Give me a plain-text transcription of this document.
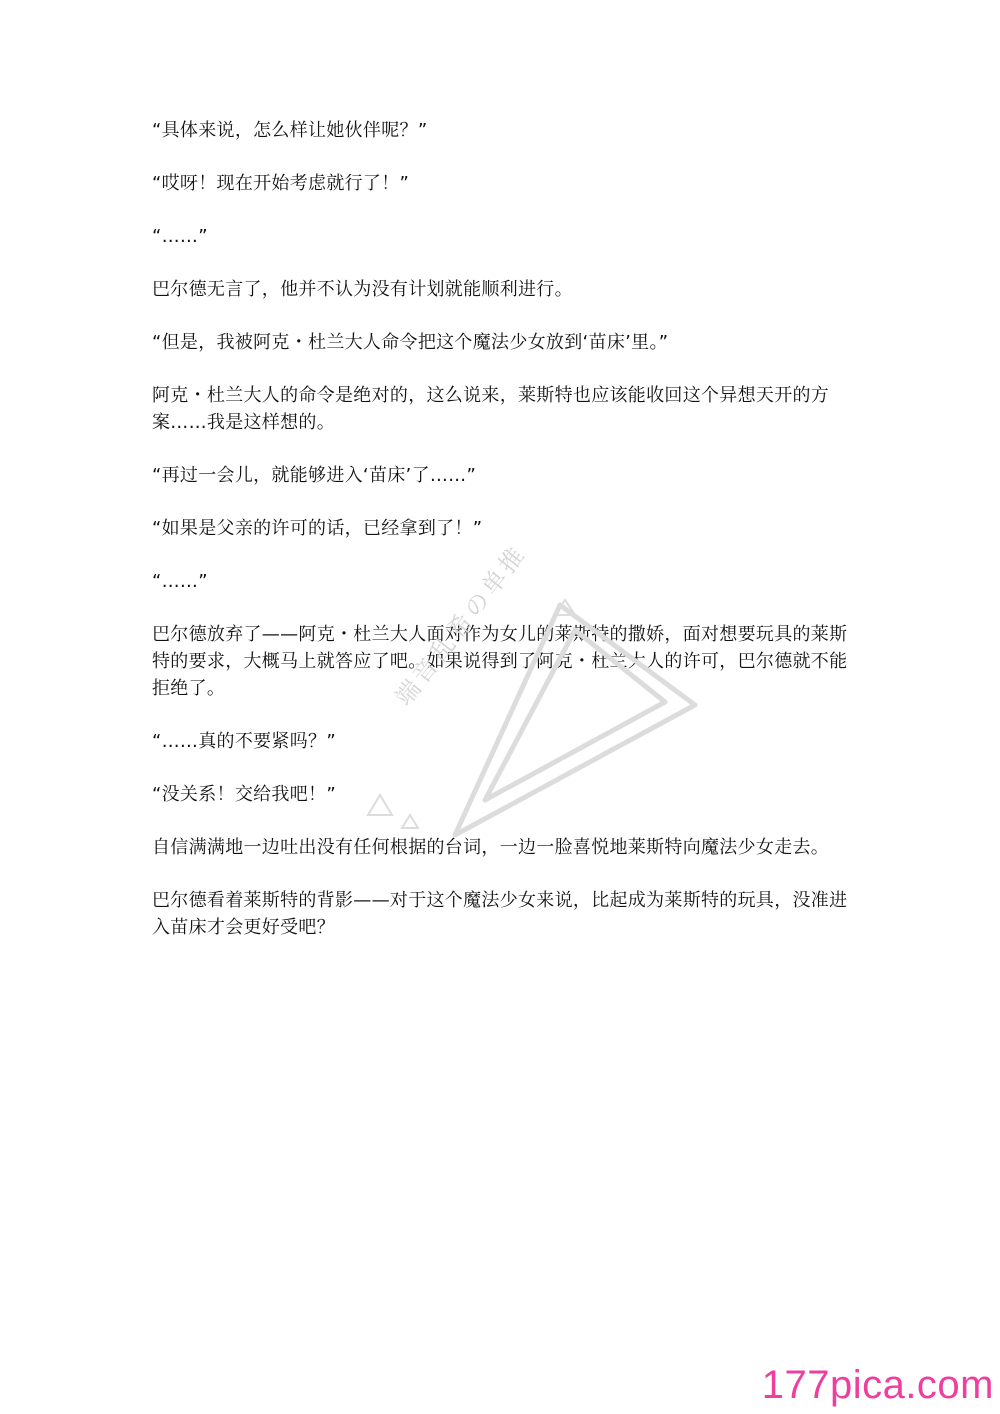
“具体来说，怎么样让她伙伴呢？”

“哎呀！现在开始考虑就行了！”

“……”

巴尔德无言了，他并不认为没有计划就能顺利进行。

“但是，我被阿克・杜兰大人命令把这个魔法少女放到‘苗床’里。”

阿克・杜兰大人的命令是绝对的，这么说来，莱斯特也应该能收回这个异想天开的方案……我是这样想的。

“再过一会儿，就能够进入‘苗床’了……”

“如果是父亲的许可的话，已经拿到了！”

“……”

巴尔德放弃了——阿克・杜兰大人面对作为女儿的莱斯特的撒娇，面对想要玩具的莱斯特的要求，大概马上就答应了吧。如果说得到了阿克・杜兰大人的许可，巴尔德就不能拒绝了。

“……真的不要紧吗？”

“没关系！交给我吧！”

自信满满地一边吐出没有任何根据的台词，一边一脸喜悦地莱斯特向魔法少女走去。

巴尔德看着莱斯特的背影——对于这个魔法少女来说，比起成为莱斯特的玩具，没准进入苗床才会更好受吧？

端音乱希の单推
177pica.com
